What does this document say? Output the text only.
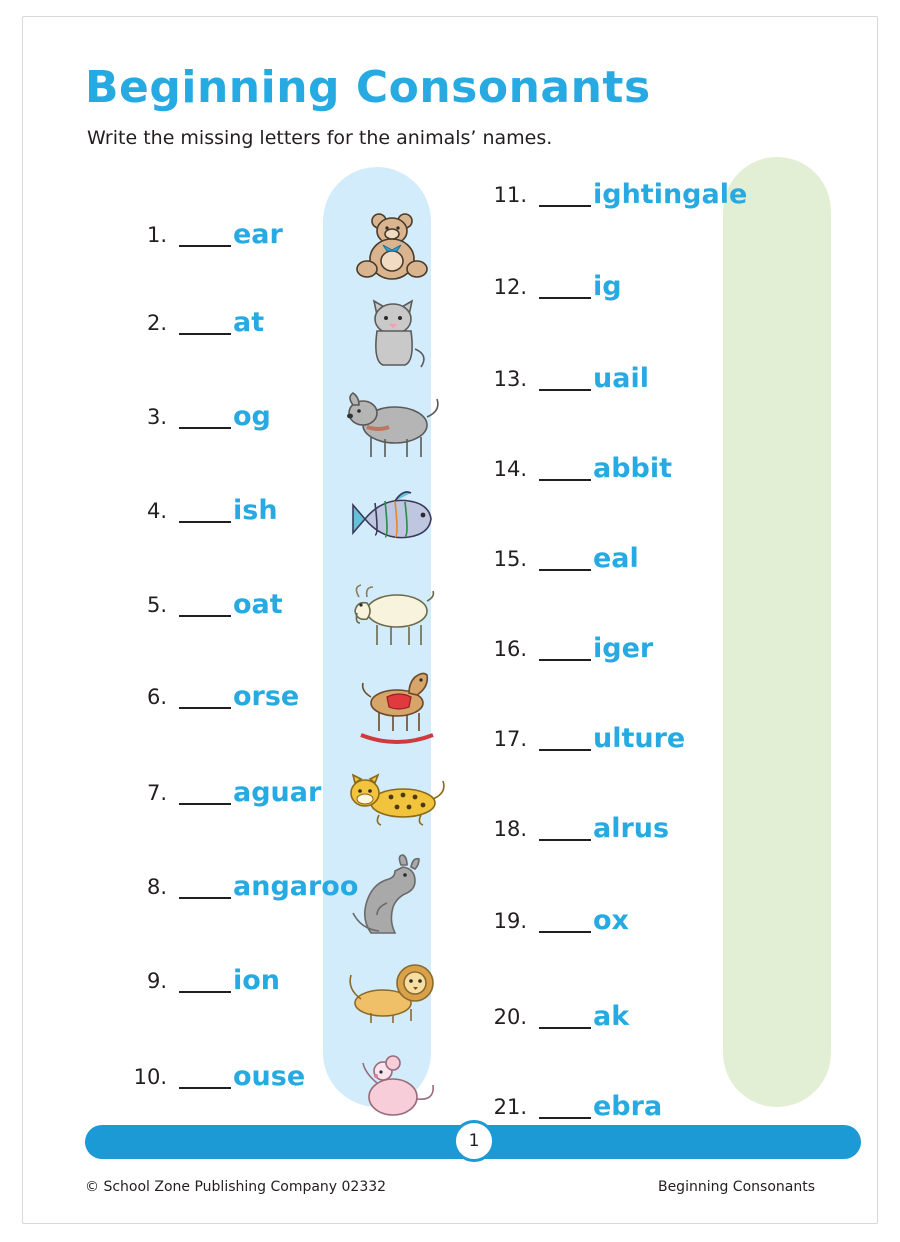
Beginning Consonants
Write the missing letters for the animals’ names.
1. ear
2. at
3. og
4. ish
5. oat
6. orse
7. aguar
8. angaroo
9. ion
10. ouse
11. ightingale
12. ig
13. uail
14. abbit
15. eal
16. iger
17. ulture
18. alrus
19. ox
20. ak
21. ebra
1
© School Zone Publishing Company 02332	Beginning Consonants
